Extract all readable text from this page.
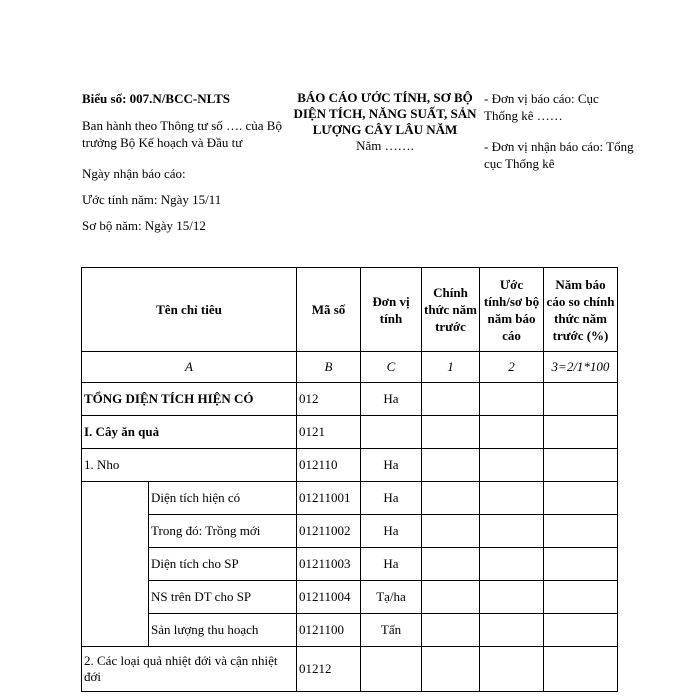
Biểu số: 007.N/BCC-NLTS
Ban hành theo Thông tư số …. của Bộ trưởng Bộ Kế hoạch và Đầu tư
Ngày nhận báo cáo:
Ước tính năm: Ngày 15/11
Sơ bộ năm: Ngày 15/12
BÁO CÁO ƯỚC TÍNH, SƠ BỘ DIỆN TÍCH, NĂNG SUẤT, SẢN LƯỢNG CÂY LÂU NĂM
Năm …….
- Đơn vị báo cáo: Cục Thống kê ……
- Đơn vị nhận báo cáo: Tổng cục Thống kê
Tên chỉ tiêu		Mã số	Đơn vị tính	Chính thức năm trước	Ước tính/sơ bộ năm báo cáo	Năm báo cáo so chính thức năm trước (%)
A		B	C	1	2	3=2/1*100
TỔNG DIỆN TÍCH HIỆN CÓ		012	Ha			
I. Cây ăn quả		0121				
1. Nho		012110	Ha			
	Diện tích hiện có	01211001	Ha			
	Trong đó: Trồng mới	01211002	Ha			
	Diện tích cho SP	01211003	Ha			
	NS trên DT cho SP	01211004	Tạ/ha			
	Sản lượng thu hoạch	0121100	Tấn			
2. Các loại quả nhiệt đới và cận nhiệt đới		01212				
